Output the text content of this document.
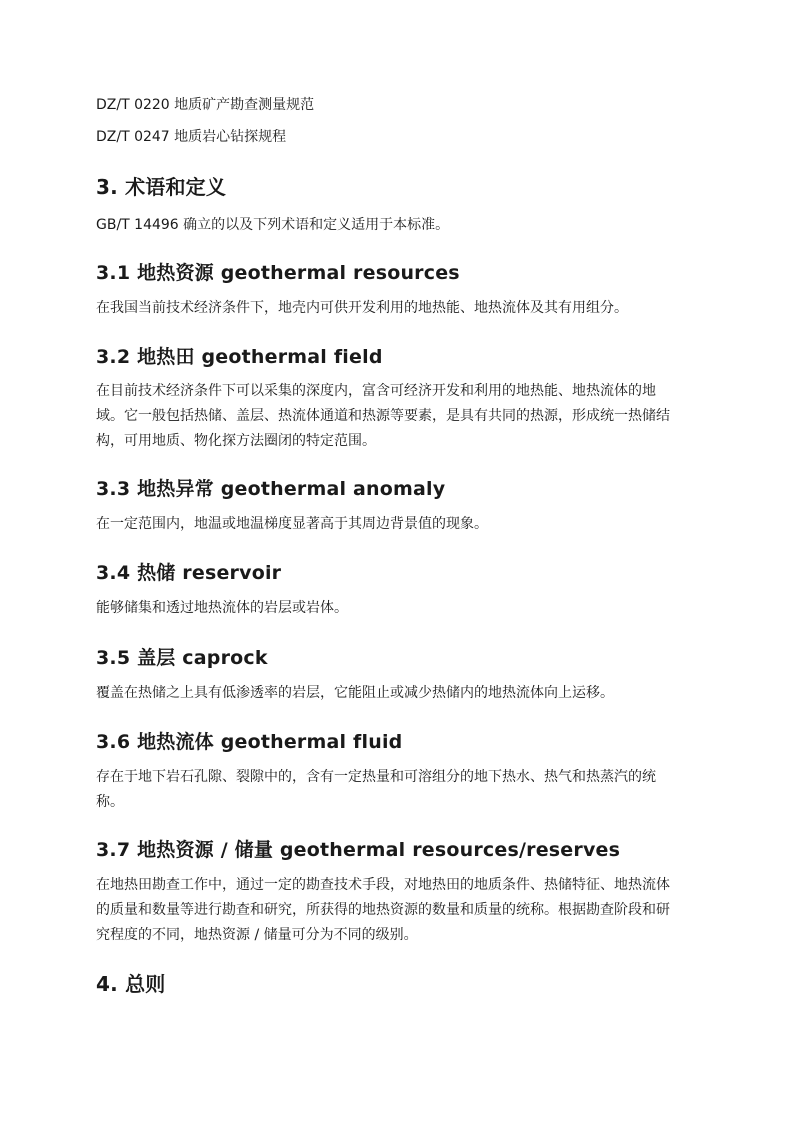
DZ/T 0220 地质矿产勘查测量规范
DZ/T 0247 地质岩心钻探规程
3. 术语和定义
GB/T 14496 确立的以及下列术语和定义适用于本标准。
3.1 地热资源 geothermal resources
在我国当前技术经济条件下，地壳内可供开发利用的地热能、地热流体及其有用组分。
3.2 地热田 geothermal field
在目前技术经济条件下可以采集的深度内，富含可经济开发和利用的地热能、地热流体的地
域。它一般包括热储、盖层、热流体通道和热源等要素，是具有共同的热源，形成统一热储结
构，可用地质、物化探方法圈闭的特定范围。
3.3 地热异常 geothermal anomaly
在一定范围内，地温或地温梯度显著高于其周边背景值的现象。
3.4 热储 reservoir
能够储集和透过地热流体的岩层或岩体。
3.5 盖层 caprock
覆盖在热储之上具有低渗透率的岩层，它能阻止或减少热储内的地热流体向上运移。
3.6 地热流体 geothermal fluid
存在于地下岩石孔隙、裂隙中的，含有一定热量和可溶组分的地下热水、热气和热蒸汽的统
称。
3.7 地热资源 / 储量 geothermal resources/reserves
在地热田勘查工作中，通过一定的勘查技术手段，对地热田的地质条件、热储特征、地热流体
的质量和数量等进行勘查和研究，所获得的地热资源的数量和质量的统称。根据勘查阶段和研
究程度的不同，地热资源 / 储量可分为不同的级别。
4. 总则
